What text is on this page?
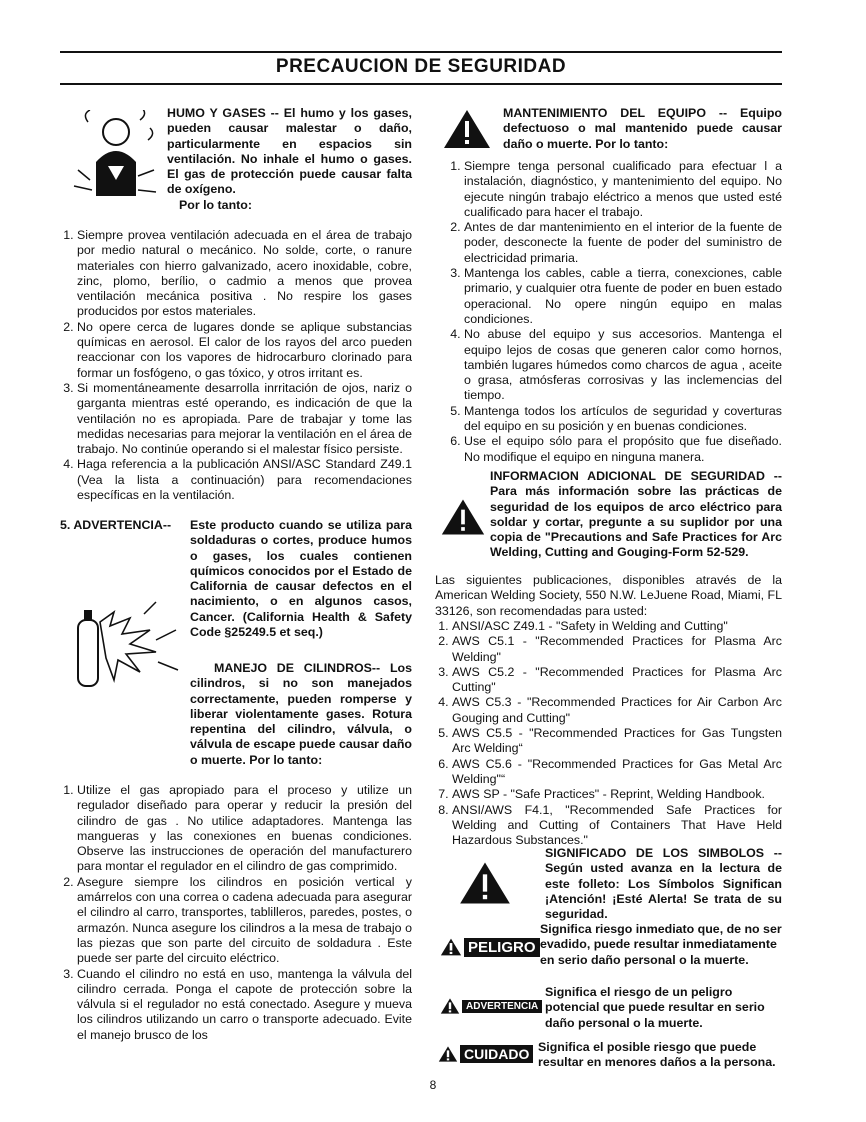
PRECAUCION DE SEGURIDAD
HUMO Y GASES -- El humo y los gases, pueden causar malestar o daño, particularmente en espacios sin ventilación. No inhale el humo o gases. El gas de protección puede causar falta de oxígeno.

Por lo tanto:

1. Siempre provea ventilación adecuada en el área de trabajo por medio natural o mecánico. No solde, corte, o ranure materiales con hierro galvanizado, acero inoxidable, cobre, zinc, plomo, berílio, o cadmio a menos que provea ventilación mecánica positiva . No respire los gases producidos por estos materiales.
2. No opere cerca de lugares donde se aplique substancias químicas en aerosol. El calor de los rayos del arco pueden reaccionar con los vapores de hidrocarburo clorinado para formar un fosfógeno, o gas tóxico, y otros irritant es.
3. Si momentáneamente desarrolla inrritación de ojos, nariz o garganta mientras esté operando, es indicación de que la ventilación no es apropiada. Pare de trabajar y tome las medidas necesarias para mejorar la ventilación en el área de trabajo. No continúe operando si el malestar físico persiste.
4. Haga referencia a la publicación ANSI/ASC Standard Z49.1 (Vea la lista a continuación) para recomendaciones específicas en la ventilación.
5. ADVERTENCIA--	Este producto cuando se utiliza para soldaduras o cortes, produce humos o gases, los cuales contienen químicos conocidos por el Estado de California de causar defectos en el nacimiento, o en algunos casos, Cancer. (California Health & Safety Code §25249.5 et seq.)
MANEJO DE CILINDROS-- Los cilindros, si no son manejados correctamente, pueden romperse y liberar violentamente gases. Rotura repentina del cilindro, válvula, o válvula de escape puede causar daño o muerte. Por lo tanto:
1. Utilize el gas apropiado para el proceso y utilize un regulador diseñado para operar y reducir la presión del cilindro de gas . No utilice adaptadores. Mantenga las mangueras y las conexiones en buenas condiciones. Observe las instrucciones de operación del manufacturero para montar el regulador en el cilindro de gas comprimido.
2. Asegure siempre los cilindros en posición vertical y amárrelos con una correa o cadena adecuada para asegurar el cilindro al carro, transportes, tablilleros, paredes, postes, o armazón. Nunca asegure los cilindros a la mesa de trabajo o las piezas que son parte del circuito de soldadura . Este puede ser parte del circuito eléctrico.
3. Cuando el cilindro no está en uso, mantenga la válvula del cilindro cerrada. Ponga el capote de protección sobre la válvula si el regulador no está conectado. Asegure y mueva los cilindros utilizando un carro o transporte adecuado. Evite el manejo brusco de los
MANTENIMIENTO DEL EQUIPO -- Equipo defectuoso o mal mantenido puede causar daño o muerte. Por lo tanto:
1. Siempre tenga personal cualificado para efectuar l a instalación, diagnóstico, y mantenimiento del equipo. No ejecute ningún trabajo eléctrico a menos que usted esté cualificado para hacer el trabajo.
2. Antes de dar mantenimiento en el interior de la fuente de poder, desconecte la fuente de poder del suministro de electricidad primaria.
3. Mantenga los cables, cable a tierra, conexciones, cable primario, y cualquier otra fuente de poder en buen estado operacional. No opere ningún equipo en malas condiciones.
4. No abuse del equipo y sus accesorios. Mantenga el equipo lejos de cosas que generen calor como hornos, también lugares húmedos como charcos de agua , aceite o grasa, atmósferas corrosivas y las inclemencias del tiempo.
5. Mantenga todos los artículos de seguridad y coverturas del equipo en su posición y en buenas condiciones.
6. Use el equipo sólo para el propósito que fue diseñado. No modifique el equipo en ninguna manera.
INFORMACION ADICIONAL DE SEGURIDAD -- Para más información sobre las prácticas de seguridad de los equipos de arco eléctrico para soldar y cortar, pregunte a su suplidor por una copia de "Precautions and Safe Practices for Arc Welding, Cutting and Gouging-Form 52-529.
Las siguientes publicaciones, disponibles através de la American Welding Society, 550 N.W. LeJuene Road, Miami, FL 33126, son recomendadas para usted:
1. ANSI/ASC Z49.1 - "Safety in Welding and Cutting"
2. AWS C5.1 - "Recommended Practices for Plasma Arc Welding"
3. AWS C5.2 - "Recommended Practices for Plasma Arc Cutting"
4. AWS C5.3 - "Recommended Practices for Air Carbon Arc Gouging and Cutting"
5. AWS C5.5 - "Recommended Practices for Gas Tungsten Arc Welding“
6. AWS C5.6 - "Recommended Practices for Gas Metal Arc Welding"“
7. AWS SP - "Safe Practices" - Reprint, Welding Handbook.
8. ANSI/AWS F4.1, "Recommended Safe Practices for Welding and Cutting of Containers That Have Held Hazardous Substances."
SIGNIFICADO DE LOS SIMBOLOS -- Según usted avanza en la lectura de este folleto: Los Símbolos Significan ¡Atención! ¡Esté Alerta! Se trata de su seguridad.
PELIGRO
Significa riesgo inmediato que, de no ser evadido, puede resultar inmediatamente en serio daño personal o la muerte.
ADVERTENCIA
Significa el riesgo de un peligro potencial que puede resultar en serio daño personal o la muerte.
CUIDADO Significa el posible riesgo que puede resultar en menores daños a la persona.
8
